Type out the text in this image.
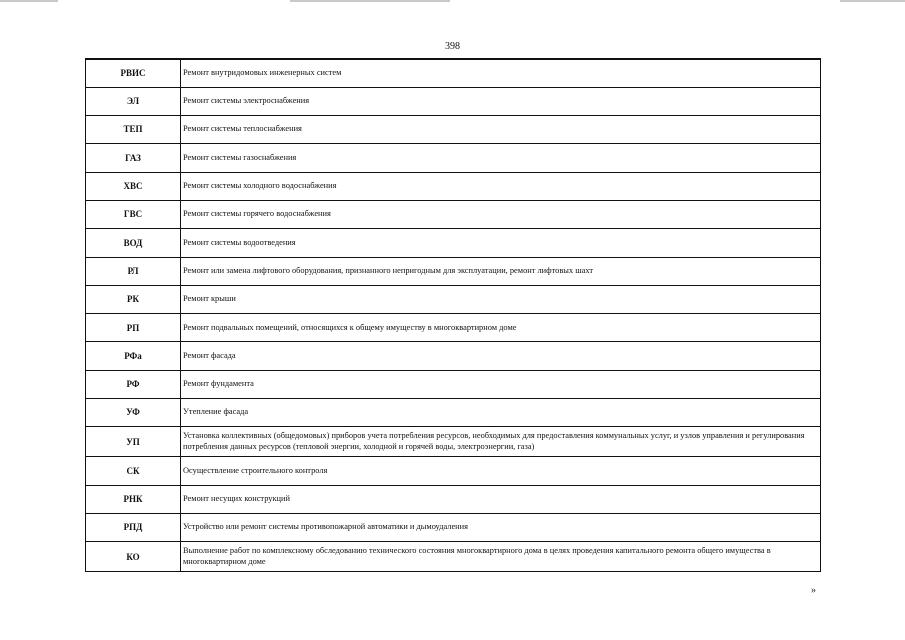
398
РВИС	Ремонт внутридомовых инженерных систем
ЭЛ	Ремонт системы электроснабжения
ТЕП	Ремонт системы теплоснабжения
ГАЗ	Ремонт системы газоснабжения
ХВС	Ремонт системы холодного водоснабжения
ГВС	Ремонт системы горячего водоснабжения
ВОД	Ремонт системы водоотведения
РЛ	Ремонт или замена лифтового оборудования, признанного непригодным для эксплуатации, ремонт лифтовых шахт
РК	Ремонт крыши
РП	Ремонт подвальных помещений, относящихся к общему имуществу в многоквартирном доме
РФа	Ремонт фасада
РФ	Ремонт фундамента
УФ	Утепление фасада
УП	Установка коллективных (общедомовых) приборов учета потребления ресурсов, необходимых для предоставления коммунальных услуг, и узлов управления и регулирования потребления данных ресурсов (тепловой энергии, холодной и горячей воды, электроэнергии, газа)
СК	Осуществление строительного контроля
РНК	Ремонт несущих конструкций
РПД	Устройство или ремонт системы противопожарной автоматики и дымоудаления
КО	Выполнение работ по комплексному обследованию технического состояния многоквартирного дома в целях проведения капитального ремонта общего имущества в многоквартирном доме
»
